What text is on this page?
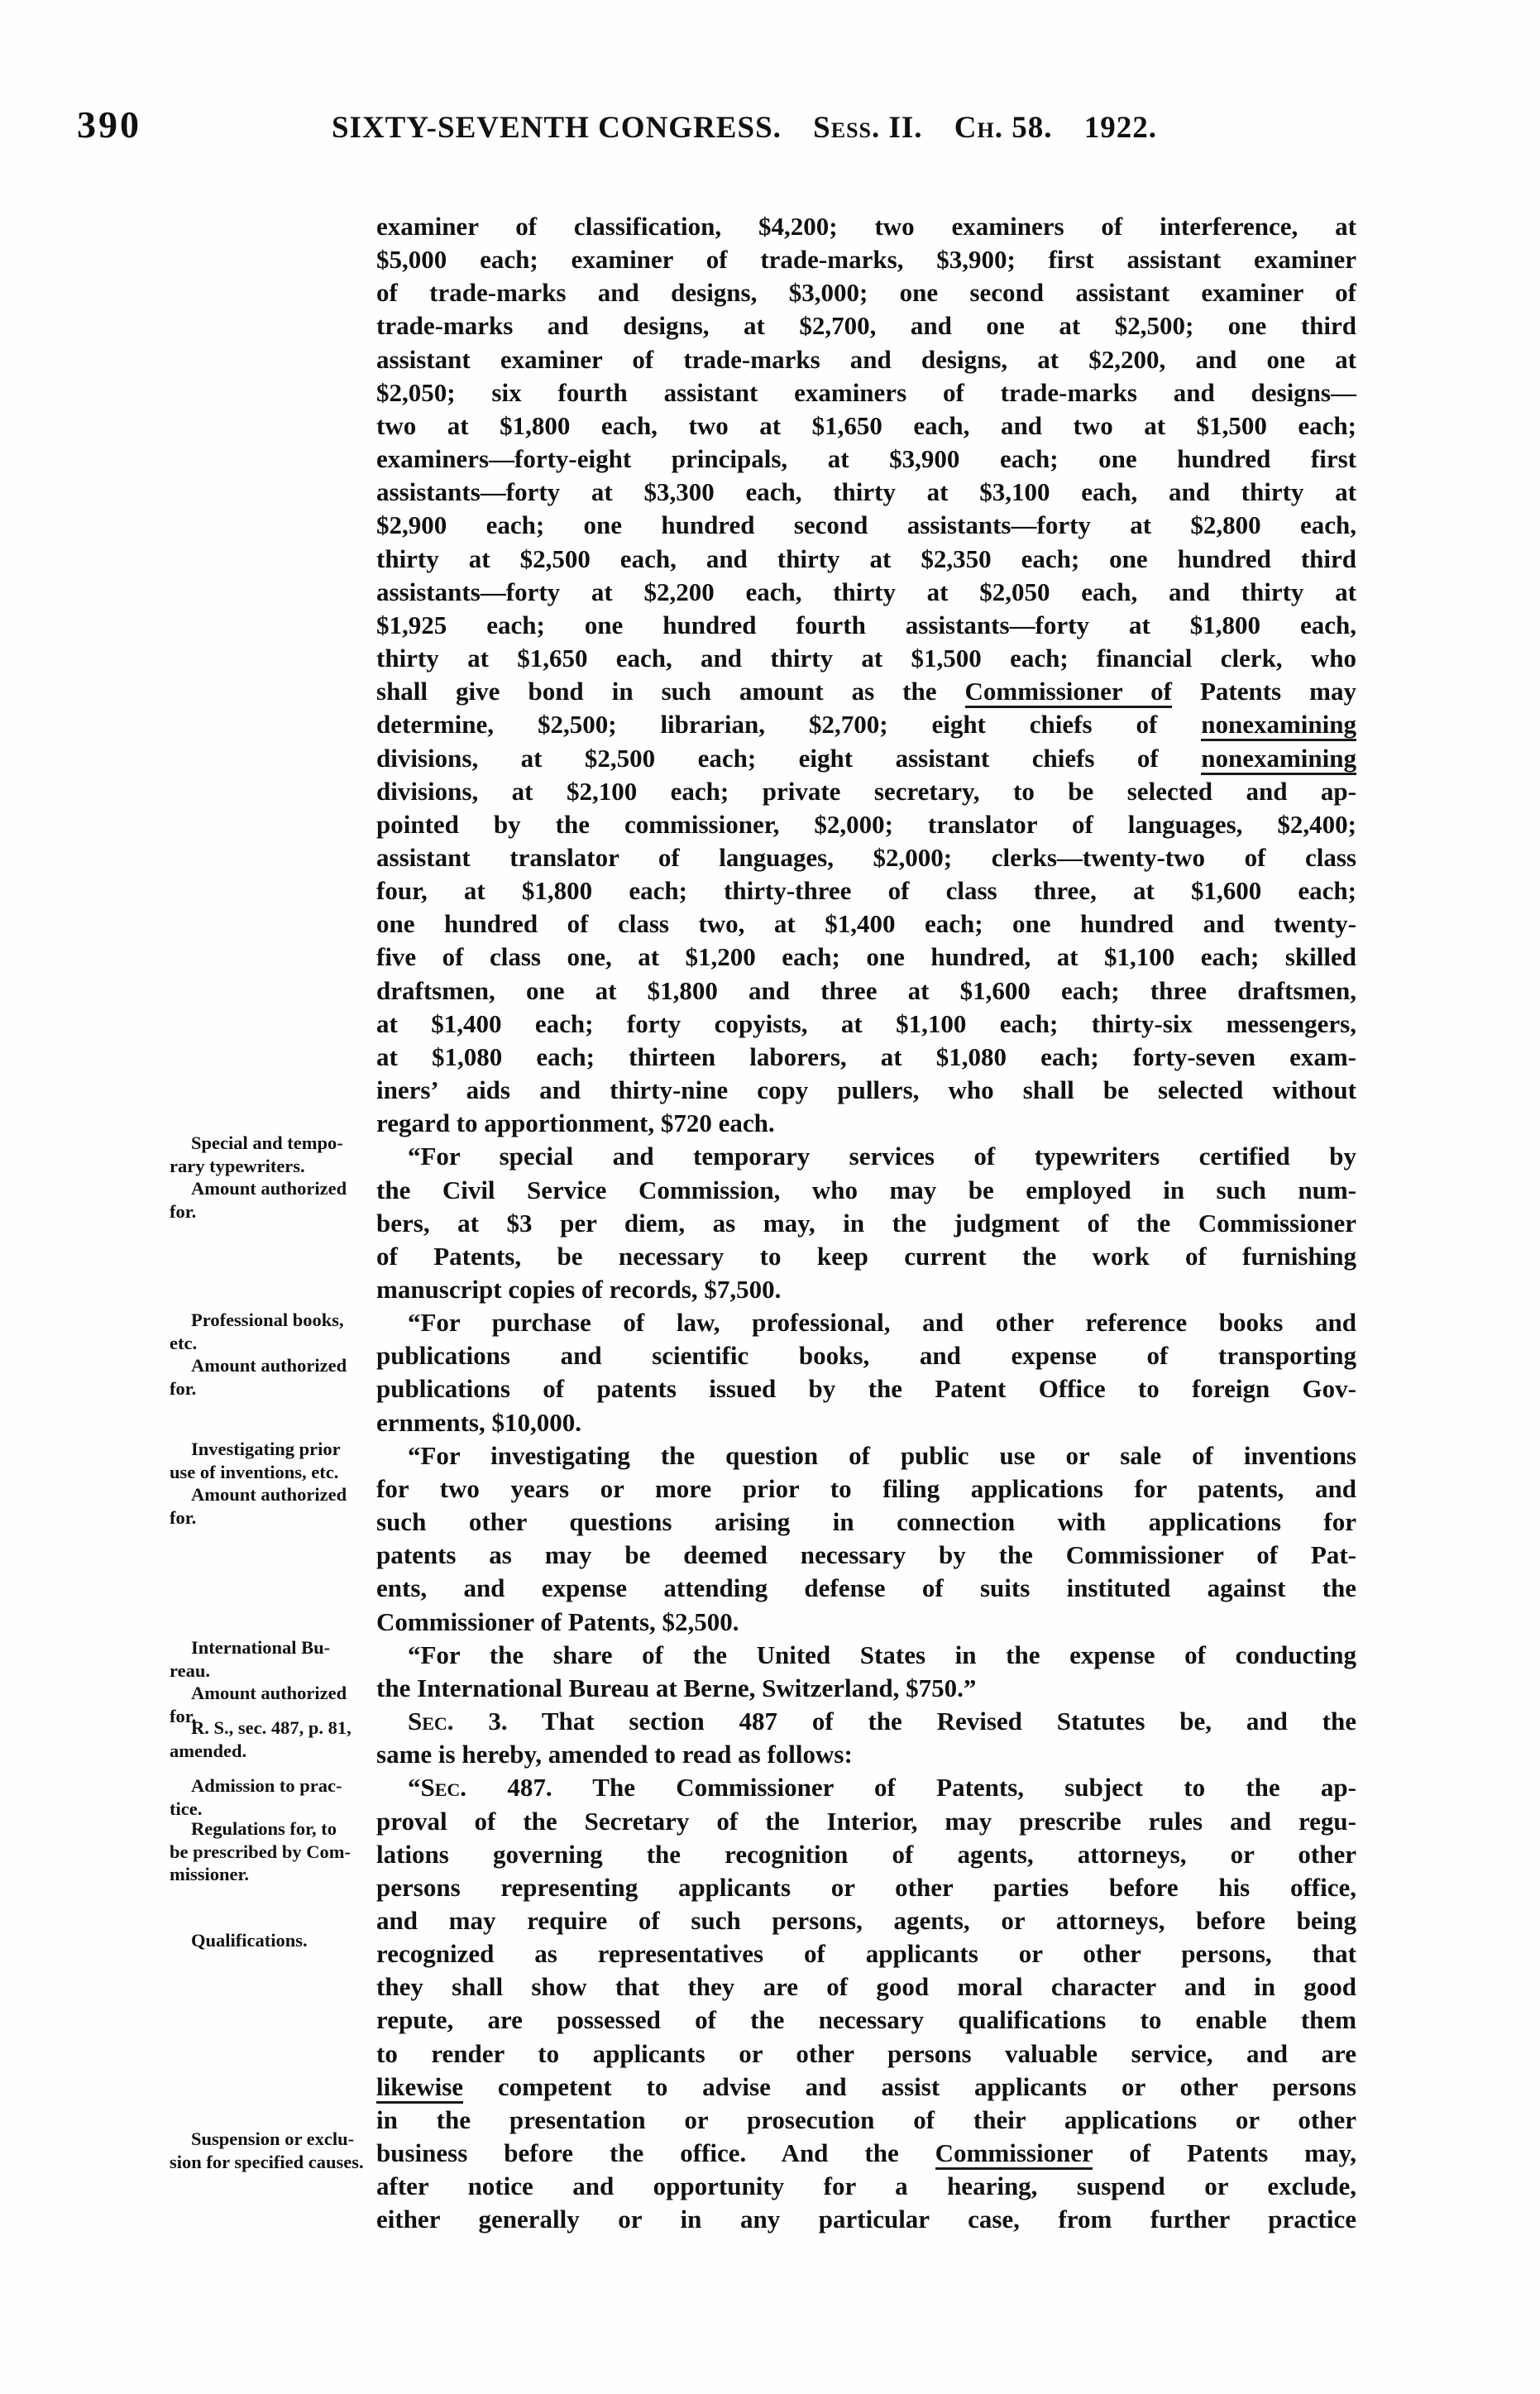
390	SIXTY-SEVENTH CONGRESS. Sess. II. Ch. 58. 1922.
Special and tempo-
rary typewriters.
Amount authorized
for.
Professional books,
etc.
Amount authorized
for.
Investigating prior
use of inventions, etc.
Amount authorized
for.
International Bu-
reau.
Amount authorized
for.
R. S., sec. 487, p. 81,
amended.
Admission to prac-
tice.
Regulations for, to
be prescribed by Com-
missioner.
Qualifications.
Suspension or exclu-
sion for specified causes.
examiner of classification, $4,200; two examiners of interference, at
$5,000 each; examiner of trade-marks, $3,900; first assistant examiner
of trade-marks and designs, $3,000; one second assistant examiner of
trade-marks and designs, at $2,700, and one at $2,500; one third
assistant examiner of trade-marks and designs, at $2,200, and one at
$2,050; six fourth assistant examiners of trade-marks and designs—
two at $1,800 each, two at $1,650 each, and two at $1,500 each;
examiners—forty-eight principals, at $3,900 each; one hundred first
assistants—forty at $3,300 each, thirty at $3,100 each, and thirty at
$2,900 each; one hundred second assistants—forty at $2,800 each,
thirty at $2,500 each, and thirty at $2,350 each; one hundred third
assistants—forty at $2,200 each, thirty at $2,050 each, and thirty at
$1,925 each; one hundred fourth assistants—forty at $1,800 each,
thirty at $1,650 each, and thirty at $1,500 each; financial clerk, who
shall give bond in such amount as the Commissioner of Patents may
determine, $2,500; librarian, $2,700; eight chiefs of nonexamining
divisions, at $2,500 each; eight assistant chiefs of nonexamining
divisions, at $2,100 each; private secretary, to be selected and ap-
pointed by the commissioner, $2,000; translator of languages, $2,400;
assistant translator of languages, $2,000; clerks—twenty-two of class
four, at $1,800 each; thirty-three of class three, at $1,600 each;
one hundred of class two, at $1,400 each; one hundred and twenty-
five of class one, at $1,200 each; one hundred, at $1,100 each; skilled
draftsmen, one at $1,800 and three at $1,600 each; three draftsmen,
at $1,400 each; forty copyists, at $1,100 each; thirty-six messengers,
at $1,080 each; thirteen laborers, at $1,080 each; forty-seven exam-
iners’ aids and thirty-nine copy pullers, who shall be selected without
regard to apportionment, $720 each.
“For special and temporary services of typewriters certified by
the Civil Service Commission, who may be employed in such num-
bers, at $3 per diem, as may, in the judgment of the Commissioner
of Patents, be necessary to keep current the work of furnishing
manuscript copies of records, $7,500.
“For purchase of law, professional, and other reference books and
publications and scientific books, and expense of transporting
publications of patents issued by the Patent Office to foreign Gov-
ernments, $10,000.
“For investigating the question of public use or sale of inventions
for two years or more prior to filing applications for patents, and
such other questions arising in connection with applications for
patents as may be deemed necessary by the Commissioner of Pat-
ents, and expense attending defense of suits instituted against the
Commissioner of Patents, $2,500.
“For the share of the United States in the expense of conducting
the International Bureau at Berne, Switzerland, $750.”
Sec. 3. That section 487 of the Revised Statutes be, and the
same is hereby, amended to read as follows:
“Sec. 487. The Commissioner of Patents, subject to the ap-
proval of the Secretary of the Interior, may prescribe rules and regu-
lations governing the recognition of agents, attorneys, or other
persons representing applicants or other parties before his office,
and may require of such persons, agents, or attorneys, before being
recognized as representatives of applicants or other persons, that
they shall show that they are of good moral character and in good
repute, are possessed of the necessary qualifications to enable them
to render to applicants or other persons valuable service, and are
likewise competent to advise and assist applicants or other persons
in the presentation or prosecution of their applications or other
business before the office. And the Commissioner of Patents may,
after notice and opportunity for a hearing, suspend or exclude,
either generally or in any particular case, from further practice
